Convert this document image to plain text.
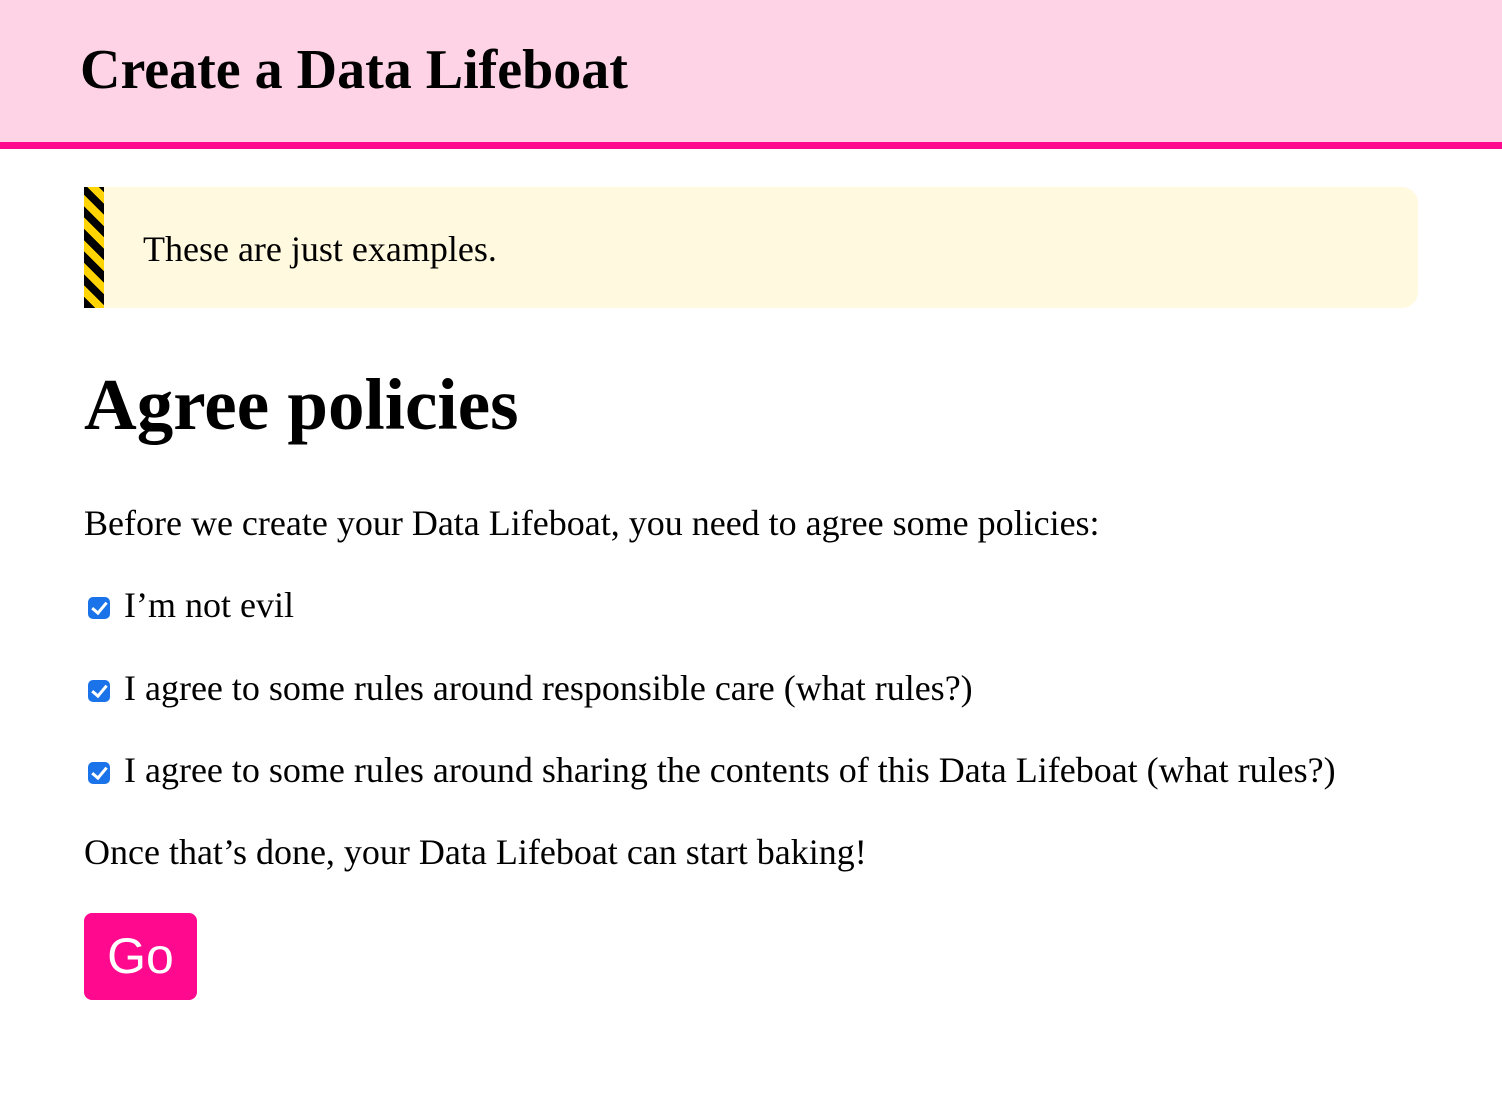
Create a Data Lifeboat
These are just examples.
Agree policies

Before we create your Data Lifeboat, you need to agree some policies:

I’m not evil
I agree to some rules around responsible care (what rules?)
I agree to some rules around sharing the contents of this Data Lifeboat (what rules?)

Once that’s done, your Data Lifeboat can start baking!

Go
